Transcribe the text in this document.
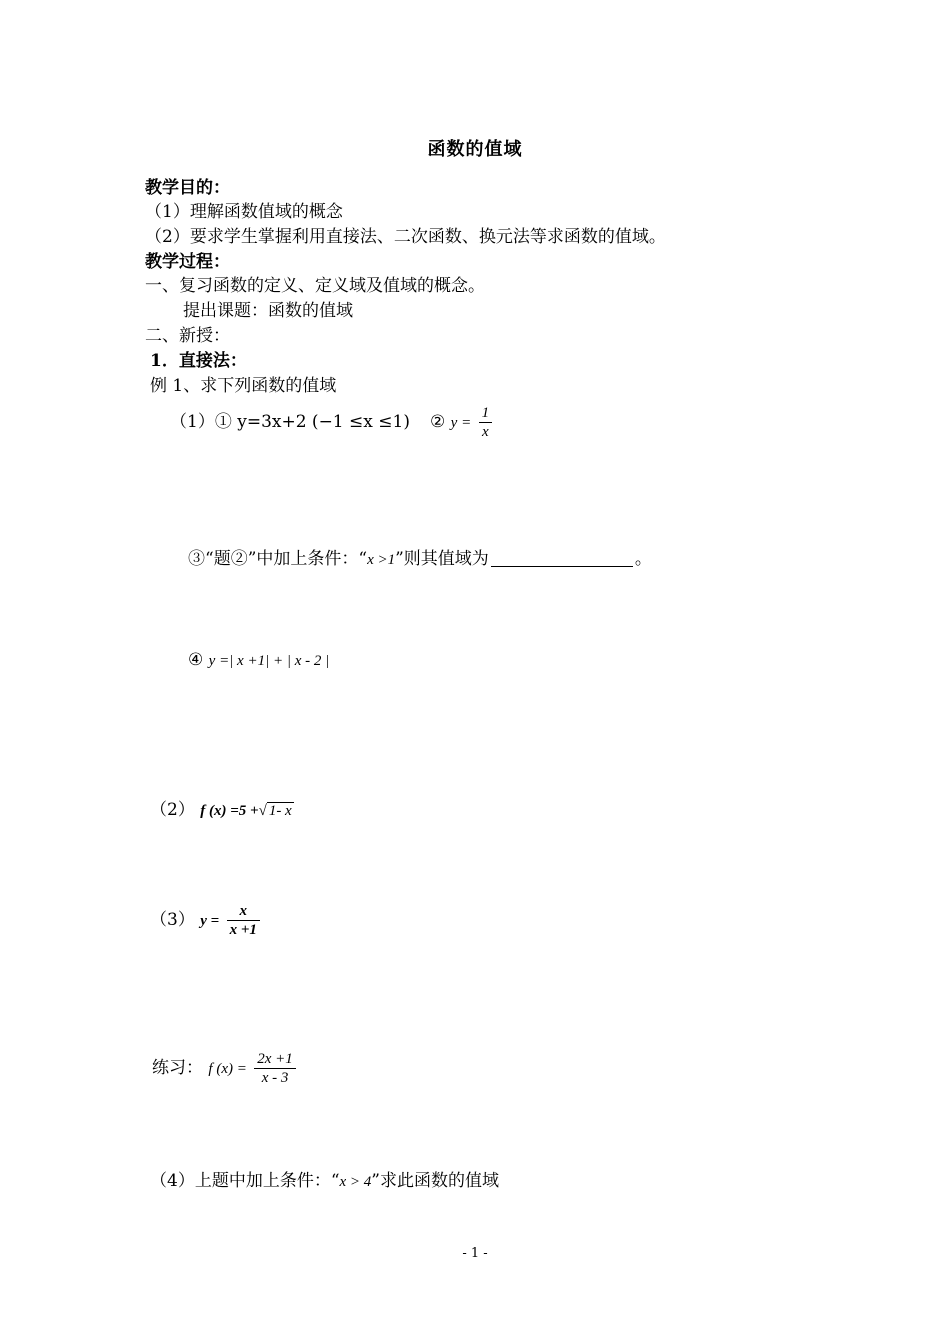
函数的值域
教学目的：
（1）理解函数值域的概念
（2）要求学生掌握利用直接法、二次函数、换元法等求函数的值域。
教学过程：
一、复习函数的定义、定义域及值域的概念。
提出课题：函数的值域
二、新授：
1．直接法：
例 1、求下列函数的值域
（1）① y=3x+2 (−1 ≤x ≤1) ② $y = \frac{1}{x}$
③“题②”中加上条件：“x >1”则其值域为	。
④ y =| x +1| + | x - 2 |
（2） f (x) =5 +√ 1- x
（3） $y = \frac{x}{x +1}$
练习： f $(x) = \frac{2x +1}{x - 3}$
（4）上题中加上条件：“x > 4”求此函数的值域
- 1 -
